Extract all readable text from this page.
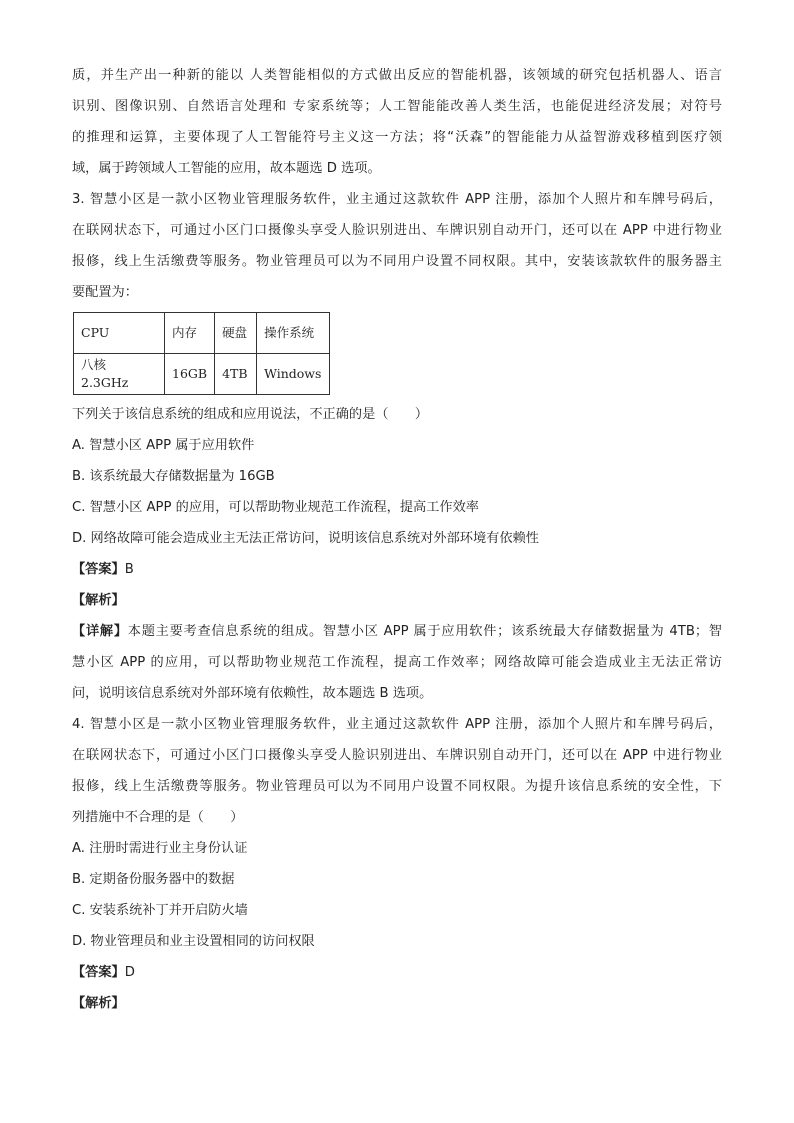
质，并生产出一种新的能以 人类智能相似的方式做出反应的智能机器，该领域的研究包括机器人、语言
识别、图像识别、自然语言处理和 专家系统等；人工智能能改善人类生活，也能促进经济发展；对符号
的推理和运算，主要体现了人工智能符号主义这一方法；将“沃森”的智能能力从益智游戏移植到医疗领
域，属于跨领域人工智能的应用，故本题选 D 选项。
3. 智慧小区是一款小区物业管理服务软件，业主通过这款软件 APP 注册，添加个人照片和车牌号码后，
在联网状态下，可通过小区门口摄像头享受人脸识别进出、车牌识别自动开门，还可以在 APP 中进行物业
报修，线上生活缴费等服务。物业管理员可以为不同用户设置不同权限。其中，安装该款软件的服务器主
要配置为：
CPU	内存	硬盘	操作系统
八核 2.3GHz	16GB	4TB	Windows
下列关于该信息系统的组成和应用说法，不正确的是（　　）
A. 智慧小区 APP 属于应用软件
B. 该系统最大存储数据量为 16GB
C. 智慧小区 APP 的应用，可以帮助物业规范工作流程，提高工作效率
D. 网络故障可能会造成业主无法正常访问，说明该信息系统对外部环境有依赖性
【答案】B
【解析】
【详解】本题主要考查信息系统的组成。智慧小区 APP 属于应用软件；该系统最大存储数据量为 4TB；智
慧小区 APP 的应用，可以帮助物业规范工作流程，提高工作效率；网络故障可能会造成业主无法正常访
问，说明该信息系统对外部环境有依赖性，故本题选 B 选项。
4. 智慧小区是一款小区物业管理服务软件，业主通过这款软件 APP 注册，添加个人照片和车牌号码后，
在联网状态下，可通过小区门口摄像头享受人脸识别进出、车牌识别自动开门，还可以在 APP 中进行物业
报修，线上生活缴费等服务。物业管理员可以为不同用户设置不同权限。为提升该信息系统的安全性，下
列措施中不合理的是（　　）
A. 注册时需进行业主身份认证
B. 定期备份服务器中的数据
C. 安装系统补丁并开启防火墙
D. 物业管理员和业主设置相同的访问权限
【答案】D
【解析】
